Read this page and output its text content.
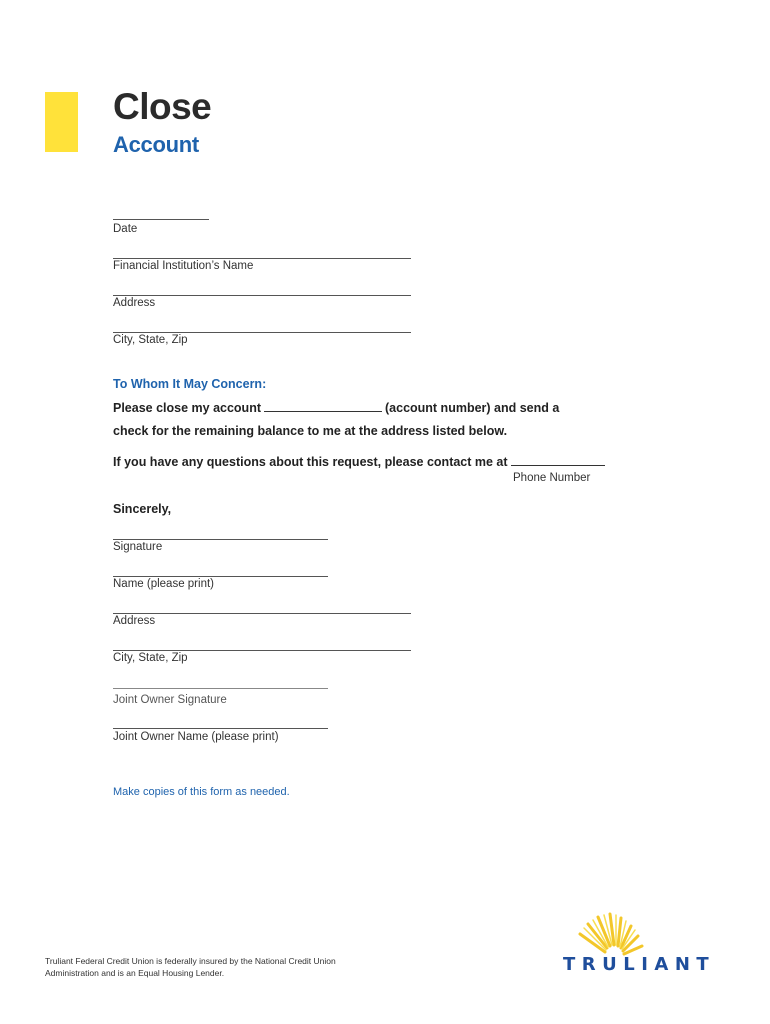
Close
Account
Date
Financial Institution’s Name
Address
City, State, Zip
To Whom It May Concern:
Please close my account	(account number) and send a
check for the remaining balance to me at the address listed below.
If you have any questions about this request, please contact me at
Phone Number
Sincerely,
Signature
Name (please print)
Address
City, State, Zip
Joint Owner Signature
Joint Owner Name (please print)
Make copies of this form as needed.
Truliant Federal Credit Union is federally insured by the National Credit Union
Administration and is an Equal Housing Lender.	TRULIANT
